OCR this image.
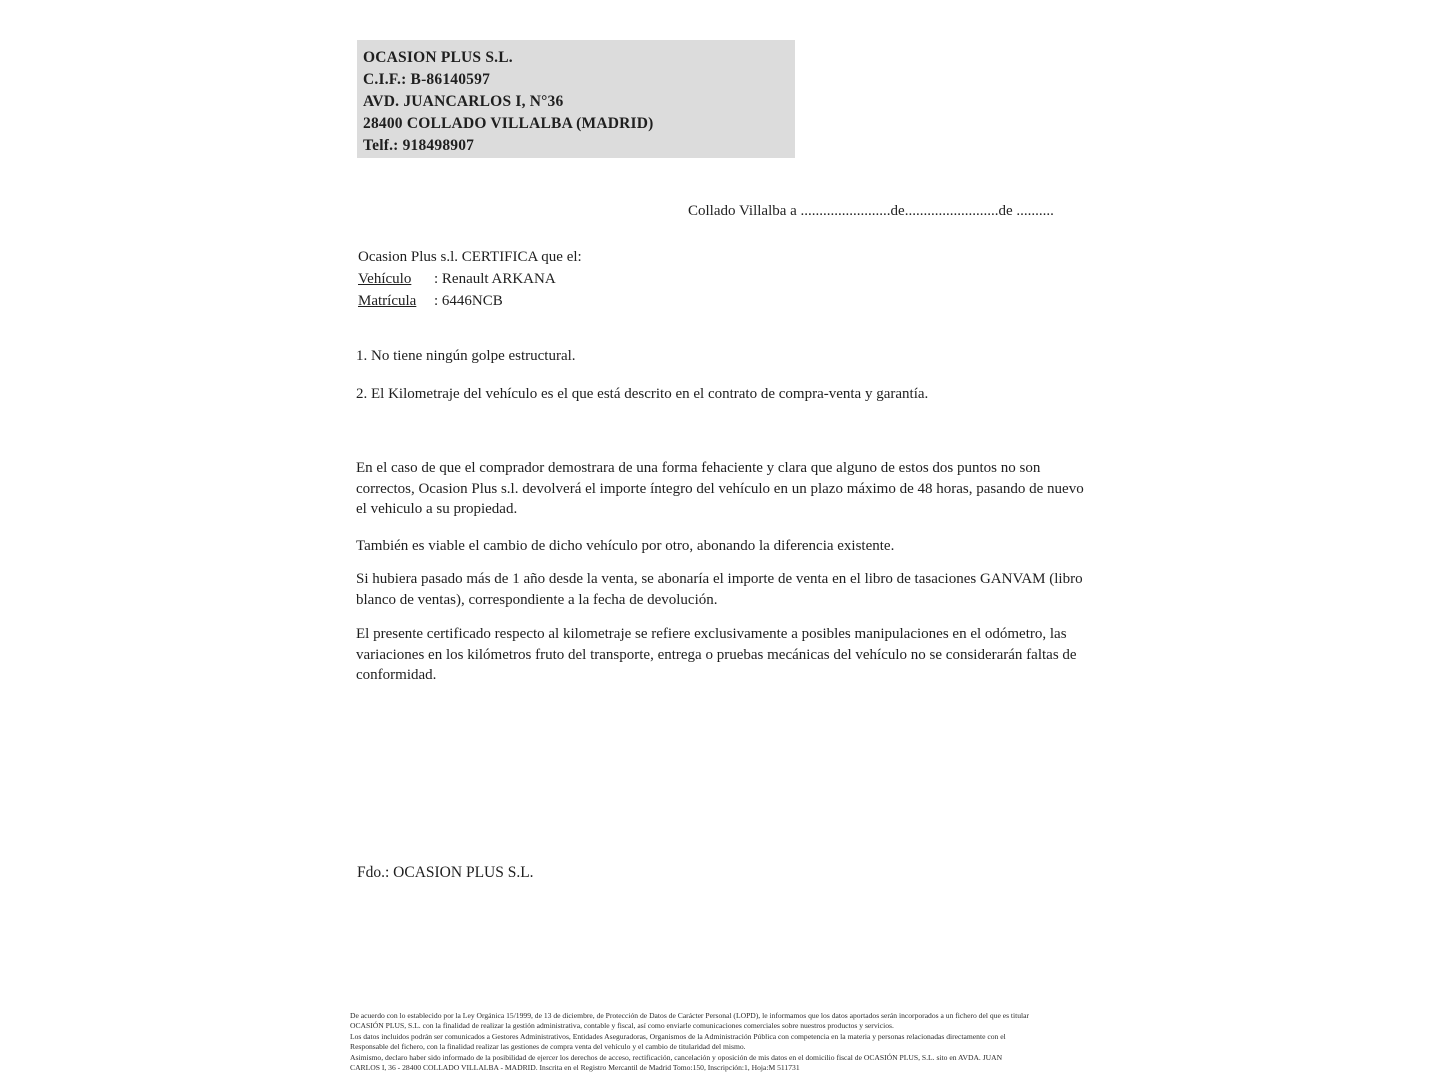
OCASION PLUS S.L.
C.I.F.: B-86140597
AVD. JUANCARLOS I, N°36
28400 COLLADO VILLALBA (MADRID)
Telf.: 918498907
Collado Villalba a ........................de.........................de ..........
Ocasion Plus s.l. CERTIFICA que el:
Vehículo : Renault ARKANA
Matrícula : 6446NCB
1. No tiene ningún golpe estructural.
2. El Kilometraje del vehículo es el que está descrito en el contrato de compra-venta y garantía.
En el caso de que el comprador demostrara de una forma fehaciente y clara que alguno de estos dos puntos no son correctos, Ocasion Plus s.l. devolverá el importe íntegro del vehículo en un plazo máximo de 48 horas, pasando de nuevo el vehiculo a su propiedad.
También es viable el cambio de dicho vehículo por otro, abonando la diferencia existente.
Si hubiera pasado más de 1 año desde la venta, se abonaría el importe de venta en el libro de tasaciones GANVAM (libro blanco de ventas), correspondiente a la fecha de devolución.
El presente certificado respecto al kilometraje se refiere exclusivamente a posibles manipulaciones en el odómetro, las variaciones en los kilómetros fruto del transporte, entrega o pruebas mecánicas del vehículo no se considerarán faltas de conformidad.
Fdo.: OCASION PLUS S.L.
De acuerdo con lo establecido por la Ley Orgánica 15/1999, de 13 de diciembre, de Protección de Datos de Carácter Personal (LOPD), le informamos que los datos aportados serán incorporados a un fichero del que es titular
OCASIÓN PLUS, S.L. con la finalidad de realizar la gestión administrativa, contable y fiscal, así como enviarle comunicaciones comerciales sobre nuestros productos y servicios.
Los datos incluidos podrán ser comunicados a Gestores Administrativos, Entidades Aseguradoras, Organismos de la Administración Pública con competencia en la materia y personas relacionadas directamente con el
Responsable del fichero, con la finalidad realizar las gestiones de compra venta del vehículo y el cambio de titularidad del mismo.
Asimismo, declaro haber sido informado de la posibilidad de ejercer los derechos de acceso, rectificación, cancelación y oposición de mis datos en el domicilio fiscal de OCASIÓN PLUS, S.L. sito en AVDA. JUAN
CARLOS I, 36 - 28400 COLLADO VILLALBA - MADRID. Inscrita en el Registro Mercantil de Madrid Tomo:150, Inscripción:1, Hoja:M 511731
